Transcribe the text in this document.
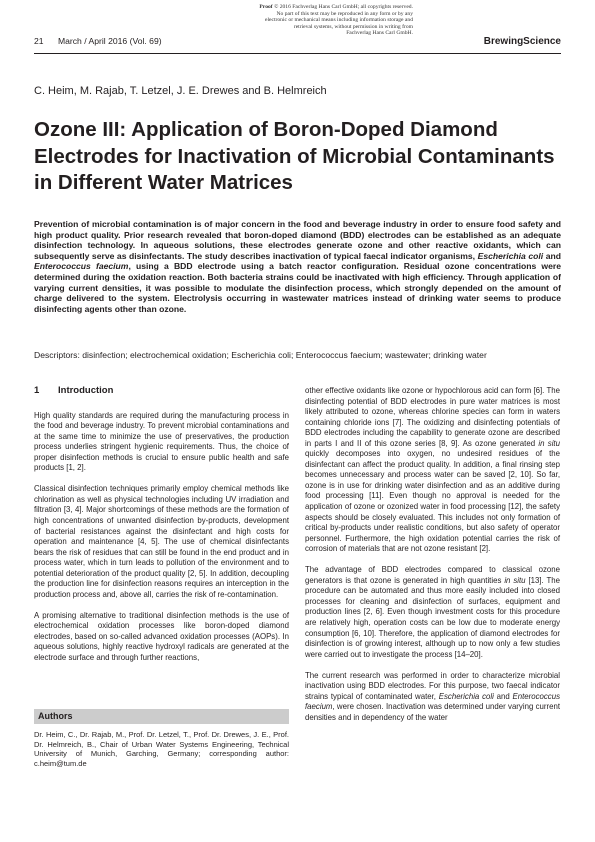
Proof © 2016 Fachverlag Hans Carl GmbH; all copyrights reserved.
No part of this text may be reproduced in any form or by any
electronic or mechanical means including information storage and
retrieval systems, without permission in writing from
Fachverlag Hans Carl GmbH.
21 March / April 2016 (Vol. 69)	BrewingScience
C. Heim, M. Rajab, T. Letzel, J. E. Drewes and B. Helmreich
Ozone III: Application of Boron-Doped Diamond Electrodes for Inactivation of Microbial Contaminants in Different Water Matrices
Prevention of microbial contamination is of major concern in the food and beverage industry in order to ensure food safety and high product quality. Prior research revealed that boron-doped diamond (BDD) electrodes can be established as an adequate disinfection technology. In aqueous solutions, these electrodes generate ozone and other reactive oxidants, which can subsequently serve as disinfectants. The study describes inactivation of typical faecal indicator organisms, Escherichia coli and Enterococcus faecium, using a BDD electrode using a batch reactor configuration. Residual ozone concentrations were determined during the oxidation reaction. Both bacteria strains could be inactivated with high efficiency. Through application of varying current densities, it was possible to modulate the disinfection process, which strongly depended on the amount of charge delivered to the system. Electrolysis occurring in wastewater matrices instead of drinking water seems to produce disinfecting agents other than ozone.
Descriptors: disinfection; electrochemical oxidation; Escherichia coli; Enterococcus faecium; wastewater; drinking water
1 Introduction

High quality standards are required during the manufacturing process in the food and beverage industry. To prevent microbial contaminations and at the same time to minimize the use of preservatives, the production process underlies stringent hygienic requirements. Thus, the choice of proper disinfection methods is crucial to ensure public health and safe products [1, 2].

Classical disinfection techniques primarily employ chemical methods like chlorination as well as physical technologies including UV irradiation and filtration [3, 4]. Major shortcomings of these methods are the formation of high concentrations of unwanted disinfection by-products, development of bacterial resistances against the disinfectant and high costs for operation and maintenance [4, 5]. The use of chemical disinfectants bears the risk of residues that can still be found in the end product and in process water, which in turn leads to pollution of the environment and to potential deterioration of the product quality [2, 5]. In addition, decoupling the production line for disinfection reasons requires an interception in the production process and, above all, carries the risk of re-contamination.

A promising alternative to traditional disinfection methods is the use of electrochemical oxidation processes like boron-doped diamond electrodes, based on so-called advanced oxidation processes (AOPs). In aqueous solutions, highly reactive hydroxyl radicals are generated at the electrode surface and through further reactions,

Authors
Dr. Heim, C., Dr. Rajab, M., Prof. Dr. Letzel, T., Prof. Dr. Drewes, J. E., Prof. Dr. Helmreich, B., Chair of Urban Water Systems Engineering, Technical University of Munich, Garching, Germany; corresponding author: c.heim@tum.de

other effective oxidants like ozone or hypochlorous acid can form [6]. The disinfecting potential of BDD electrodes in pure water matrices is most likely attributed to ozone, whereas chlorine species can form in waters containing chloride ions [7]. The oxidizing and disinfecting potentials of BDD electrodes including the capability to generate ozone are described in parts I and II of this ozone series [8, 9]. As ozone generated in situ quickly decomposes into oxygen, no undesired residues of the disinfectant can affect the product quality. In addition, a final rinsing step becomes unnecessary and process water can be saved [2, 10]. So far, ozone is in use for drinking water disinfection and as an additive during food processing [11]. Even though no approval is needed for the application of ozone or ozonized water in food processing [12], the safety aspects should be closely evaluated. This includes not only formation of critical by-products under realistic conditions, but also safety of operator personnel. Furthermore, the high oxidation potential carries the risk of corrosion of materials that are not ozone resistant [2].

The advantage of BDD electrodes compared to classical ozone generators is that ozone is generated in high quantities in situ [13]. The procedure can be automated and thus more easily included into closed processes for cleaning and disinfection of surfaces, equipment and production lines [2, 6]. Even though investment costs for this procedure are relatively high, operation costs can be low due to moderate energy consumption [6, 10]. Therefore, the application of diamond electrodes for disinfection is of growing interest, although up to now only a few studies were carried out to investigate the process [14–20].

The current research was performed in order to characterize microbial inactivation using BDD electrodes. For this purpose, two faecal indicator strains typical of contaminated water, Escherichia coli and Enterococcus faecium, were chosen. Inactivation was determined under varying current densities and in dependency of the water
